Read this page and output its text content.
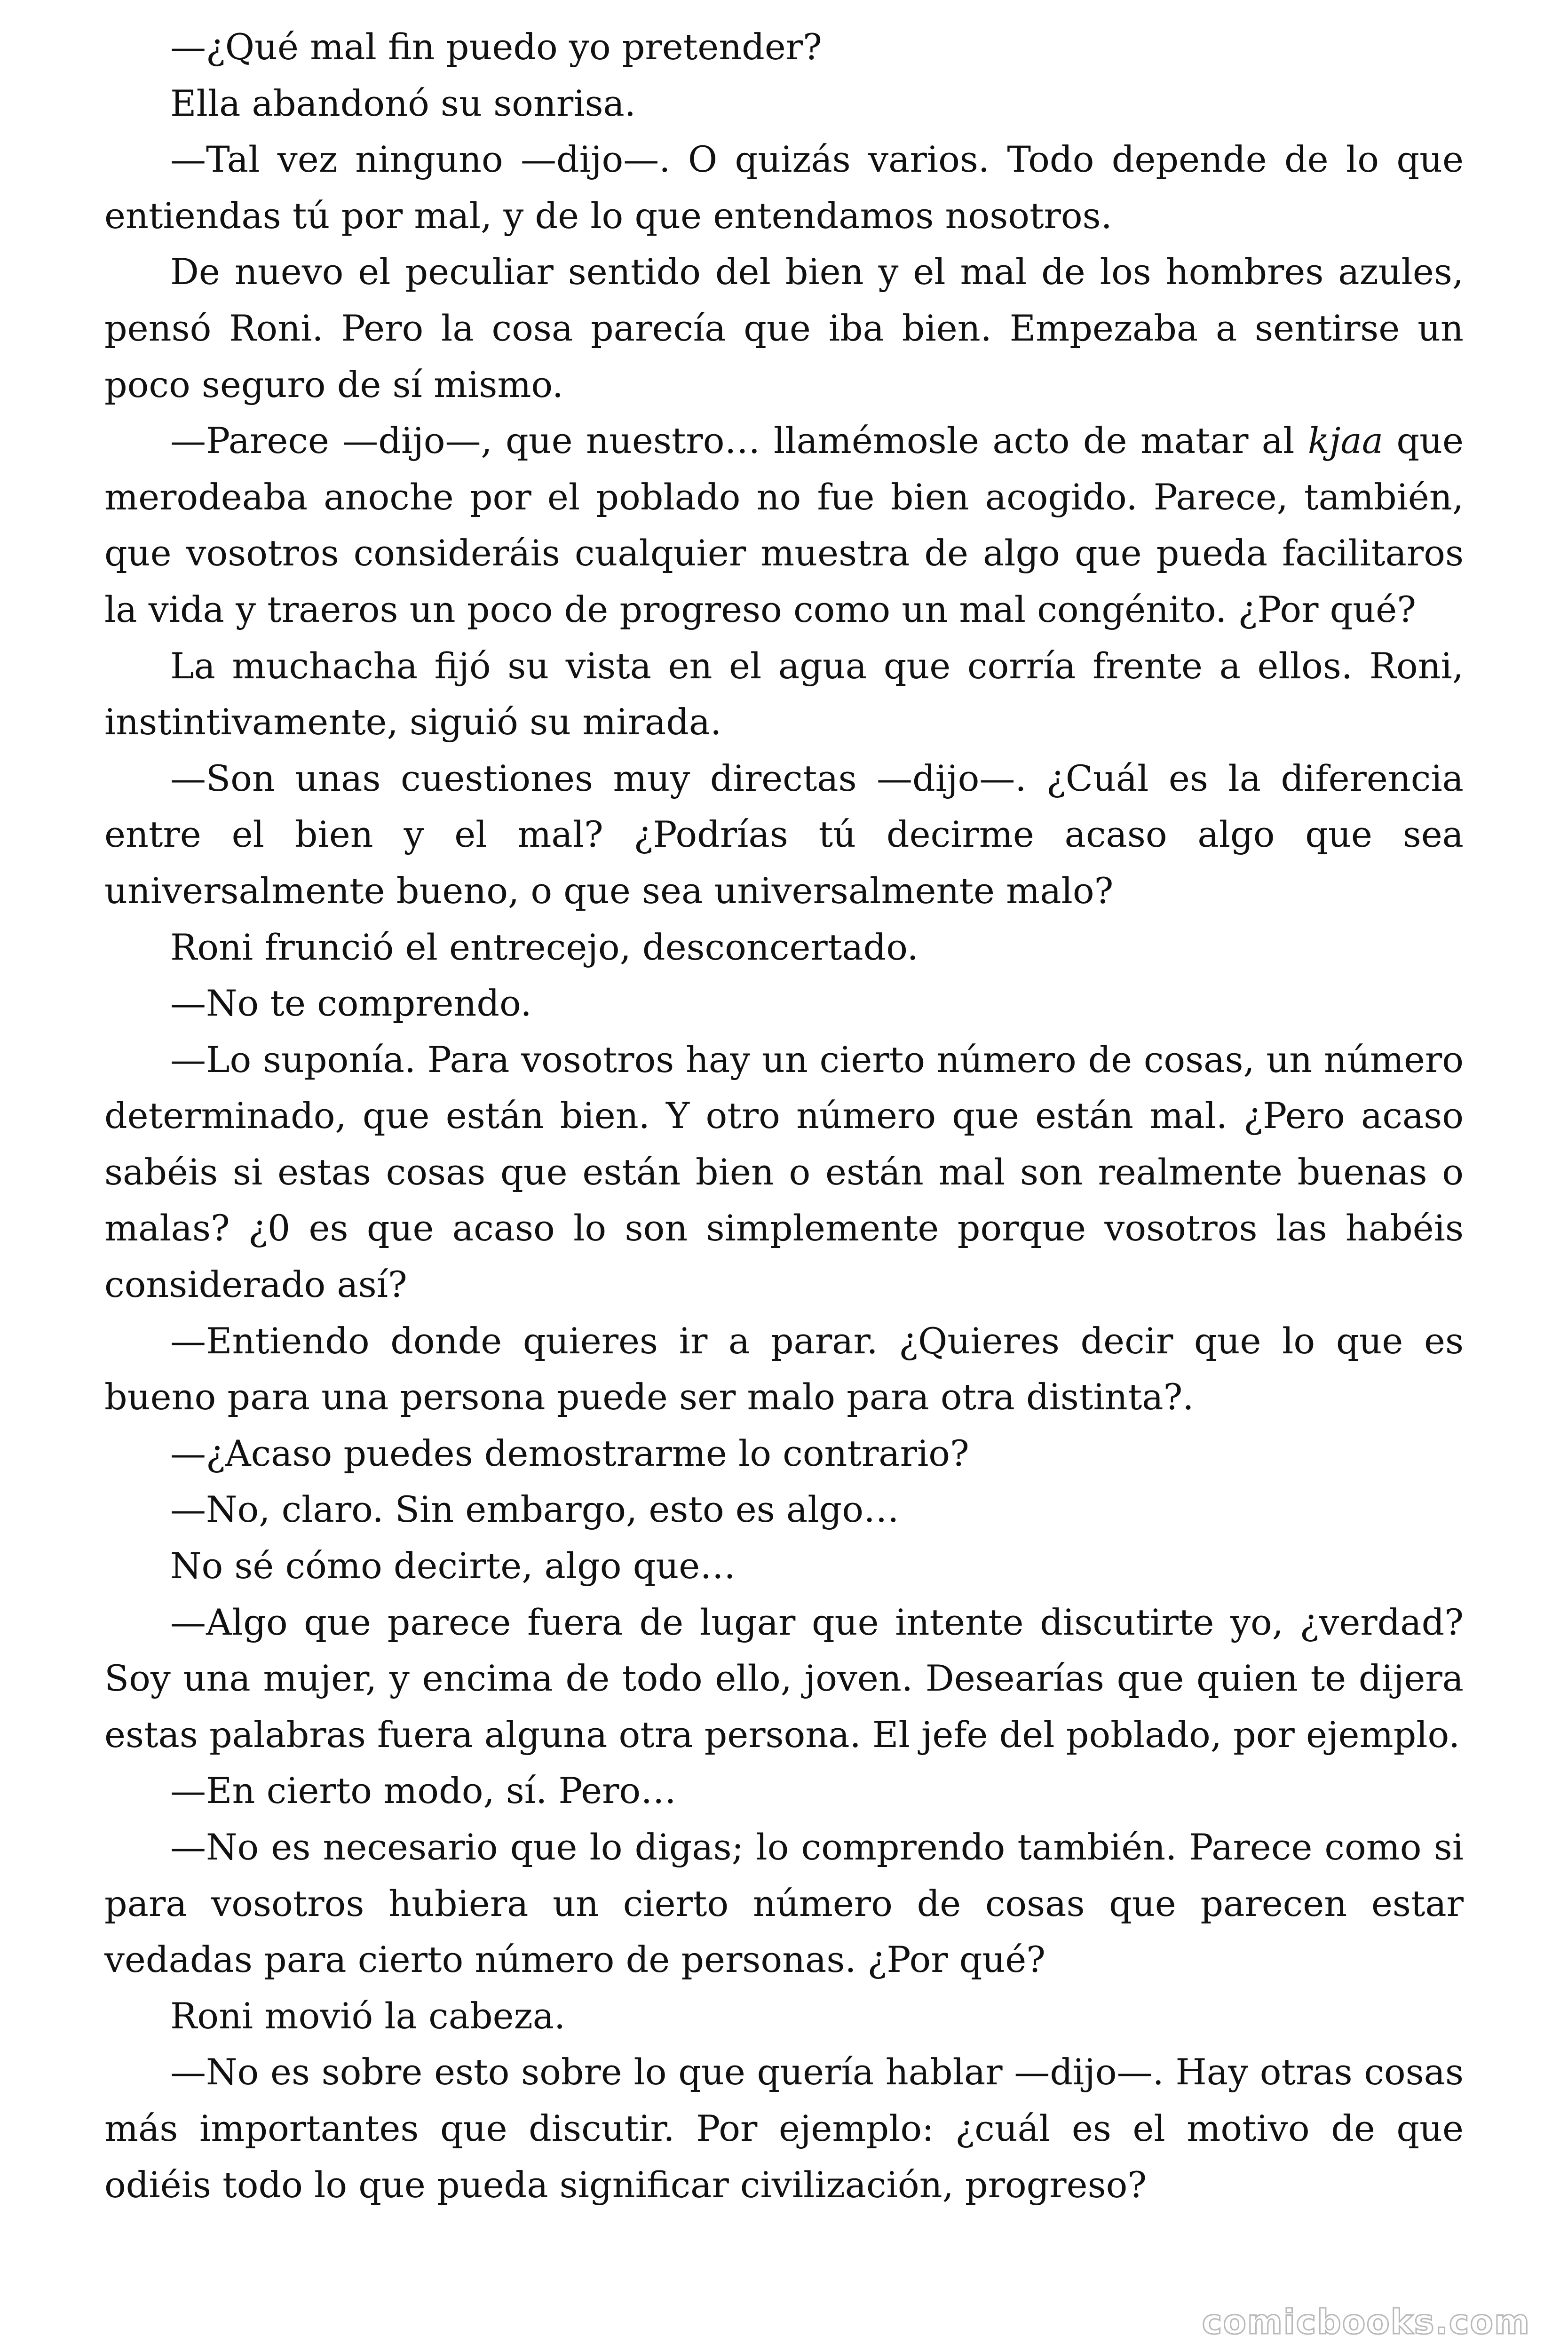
—¿Qué mal fin puedo yo pretender?

Ella abandonó su sonrisa.

—Tal vez ninguno —dijo—. O quizás varios. Todo depende de lo que entiendas tú por mal, y de lo que entendamos nosotros.

De nuevo el peculiar sentido del bien y el mal de los hombres azules, pensó Roni. Pero la cosa parecía que iba bien. Empezaba a sentirse un poco seguro de sí mismo.

—Parece —dijo—, que nuestro… llamémosle acto de matar al kjaa que merodeaba anoche por el poblado no fue bien acogido. Parece, también, que vosotros consideráis cualquier muestra de algo que pueda facilitaros la vida y traeros un poco de progreso como un mal congénito. ¿Por qué?

La muchacha fijó su vista en el agua que corría frente a ellos. Roni, instintivamente, siguió su mirada.

—Son unas cuestiones muy directas —dijo—. ¿Cuál es la diferencia entre el bien y el mal? ¿Podrías tú decirme acaso algo que sea universalmente bueno, o que sea universalmente malo?

Roni frunció el entrecejo, desconcertado.

—No te comprendo.

—Lo suponía. Para vosotros hay un cierto número de cosas, un número determinado, que están bien. Y otro número que están mal. ¿Pero acaso sabéis si estas cosas que están bien o están mal son realmente buenas o malas? ¿0 es que acaso lo son simplemente porque vosotros las habéis considerado así?

—Entiendo donde quieres ir a parar. ¿Quieres decir que lo que es bueno para una persona puede ser malo para otra distinta?.

—¿Acaso puedes demostrarme lo contrario?

—No, claro. Sin embargo, esto es algo…

No sé cómo decirte, algo que…

—Algo que parece fuera de lugar que intente discutirte yo, ¿verdad? Soy una mujer, y encima de todo ello, joven. Desearías que quien te dijera estas palabras fuera alguna otra persona. El jefe del poblado, por ejemplo.

—En cierto modo, sí. Pero…

—No es necesario que lo digas; lo comprendo también. Parece como si para vosotros hubiera un cierto número de cosas que parecen estar vedadas para cierto número de personas. ¿Por qué?

Roni movió la cabeza.

—No es sobre esto sobre lo que quería hablar —dijo—. Hay otras cosas más importantes que discutir. Por ejemplo: ¿cuál es el motivo de que odiéis todo lo que pueda significar civilización, progreso?

comicbooks.com
